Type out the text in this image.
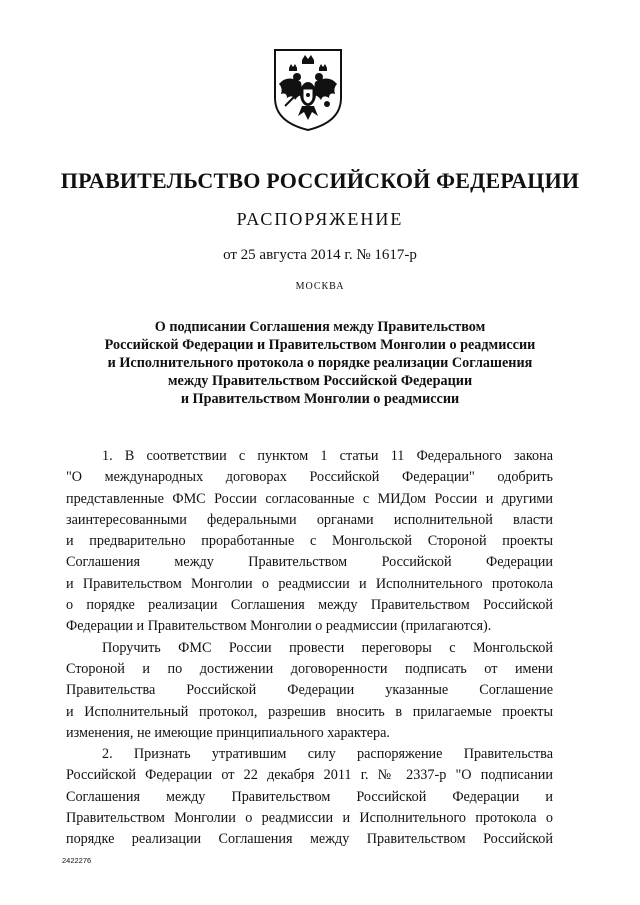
ПРАВИТЕЛЬСТВО РОССИЙСКОЙ ФЕДЕРАЦИИ
РАСПОРЯЖЕНИЕ
от 25 августа 2014 г. № 1617-р
МОСКВА
О подписании Соглашения между Правительством
Российской Федерации и Правительством Монголии о реадмиссии
и Исполнительного протокола о порядке реализации Соглашения
между Правительством Российской Федерации
и Правительством Монголии о реадмиссии
1. В соответствии с пунктом 1 статьи 11 Федерального закона
"О международных договорах Российской Федерации" одобрить
представленные ФМС России согласованные с МИДом России и другими
заинтересованными федеральными органами исполнительной власти
и предварительно проработанные с Монгольской Стороной проекты
Соглашения между Правительством Российской Федерации
и Правительством Монголии о реадмиссии и Исполнительного протокола
о порядке реализации Соглашения между Правительством Российской
Федерации и Правительством Монголии о реадмиссии (прилагаются).
Поручить ФМС России провести переговоры с Монгольской
Стороной и по достижении договоренности подписать от имени
Правительства Российской Федерации указанные Соглашение
и Исполнительный протокол, разрешив вносить в прилагаемые проекты
изменения, не имеющие принципиального характера.
2. Признать утратившим силу распоряжение Правительства
Российской Федерации от 22 декабря 2011 г. № 2337-р "О подписании
Соглашения между Правительством Российской Федерации и
Правительством Монголии о реадмиссии и Исполнительного протокола о
порядке реализации Соглашения между Правительством Российской
2422276
